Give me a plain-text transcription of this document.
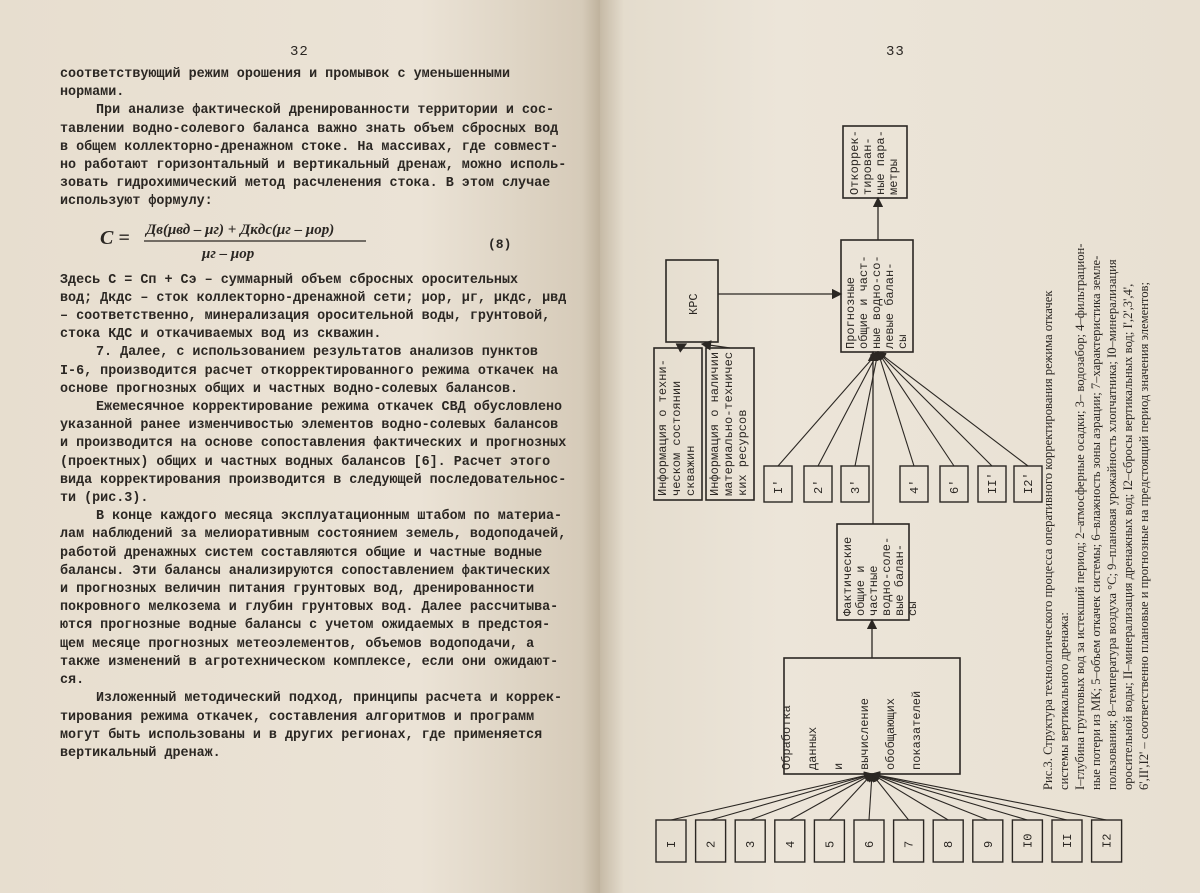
32
соответствующий режим орошения и промывок с уменьшенными
нормами.
При анализе фактической дренированности территории и сос-
тавлении водно-солевого баланса важно знать объем сбросных вод
в общем коллекторно-дренажном стоке. На массивах, где совмест-
но работают горизонтальный и вертикальный дренаж, можно исполь-
зовать гидрохимический метод расчленения стока. В этом случае
используют формулу:
C = Дв(μвд – μг) + Дкдс(μг – μор)
μг – μор
(8)
Здесь С = Сп + Сэ – суммарный объем сбросных оросительных
вод; Дкдс – сток коллекторно-дренажной сети; μор, μг, μкдс, μвд
– соответственно, минерализация оросительной воды, грунтовой,
стока КДС и откачиваемых вод из скважин.
7. Далее, с использованием результатов анализов пунктов
I-6, производится расчет откорректированного режима откачек на
основе прогнозных общих и частных водно-солевых балансов.
Ежемесячное корректирование режима откачек СВД обусловлено
указанной ранее изменчивостью элементов водно-солевых балансов
и производится на основе сопоставления фактических и прогнозных
(проектных) общих и частных водных балансов [6]. Расчет этого
вида корректирования производится в следующей последовательнос-
ти (рис.3).
В конце каждого месяца эксплуатационным штабом по материа-
лам наблюдений за мелиоративным состоянием земель, водоподачей,
работой дренажных систем составляются общие и частные водные
балансы. Эти балансы анализируются сопоставлением фактических
и прогнозных величин питания грунтовых вод, дренированности
покровного мелкозема и глубин грунтовых вод. Далее рассчитыва-
ются прогнозные водные балансы с учетом ожидаемых в предстоя-
щем месяце прогнозных метеоэлементов, объемов водоподачи, а
также изменений в агротехническом комплексе, если они ожидают-
ся.
Изложенный методический подход, принципы расчета и коррек-
тирования режима откачек, составления алгоритмов и программ
могут быть использованы и в других регионах, где применяется
вертикальный дренаж.
33
I 2 3 4 5 6 7 8 9 I0 II I2
Обработка данных и вычисление обобщающих показателей
Фактические общие и частные водно-соле- вые балан- сы
I' 2' 3'	4' 6' II' I2'
Прогнозные общие и част- ные водно-со- левые балан- сы
Откоррек- тирован- ные пара- метры
КРС
Информация о техни- ческом состоянии скважин Информация о наличии материально-техничес ких ресурсов	Рис.3. Структура технологического процесса оперативного корректирования режима откачек системы вертикального дренажа: I–глубина грунтовых вод за истекший период; 2–атмосферные осадки; 3– водозабор; 4–фильтрацион- ные потери из МК; 5–объем откачек системы; 6–влажность зоны аэрации; 7–характеристика земле- пользования; 8–температура воздуха °C; 9–плановая урожайность хлопчатника; I0–минерализация оросительной воды; II–минерализация дренажных вод; I2–сбросы вертикальных вод; I',2',3',4', 6',II',I2' – соответственно плановые и прогнозные на предстоящий период значения элементов;
